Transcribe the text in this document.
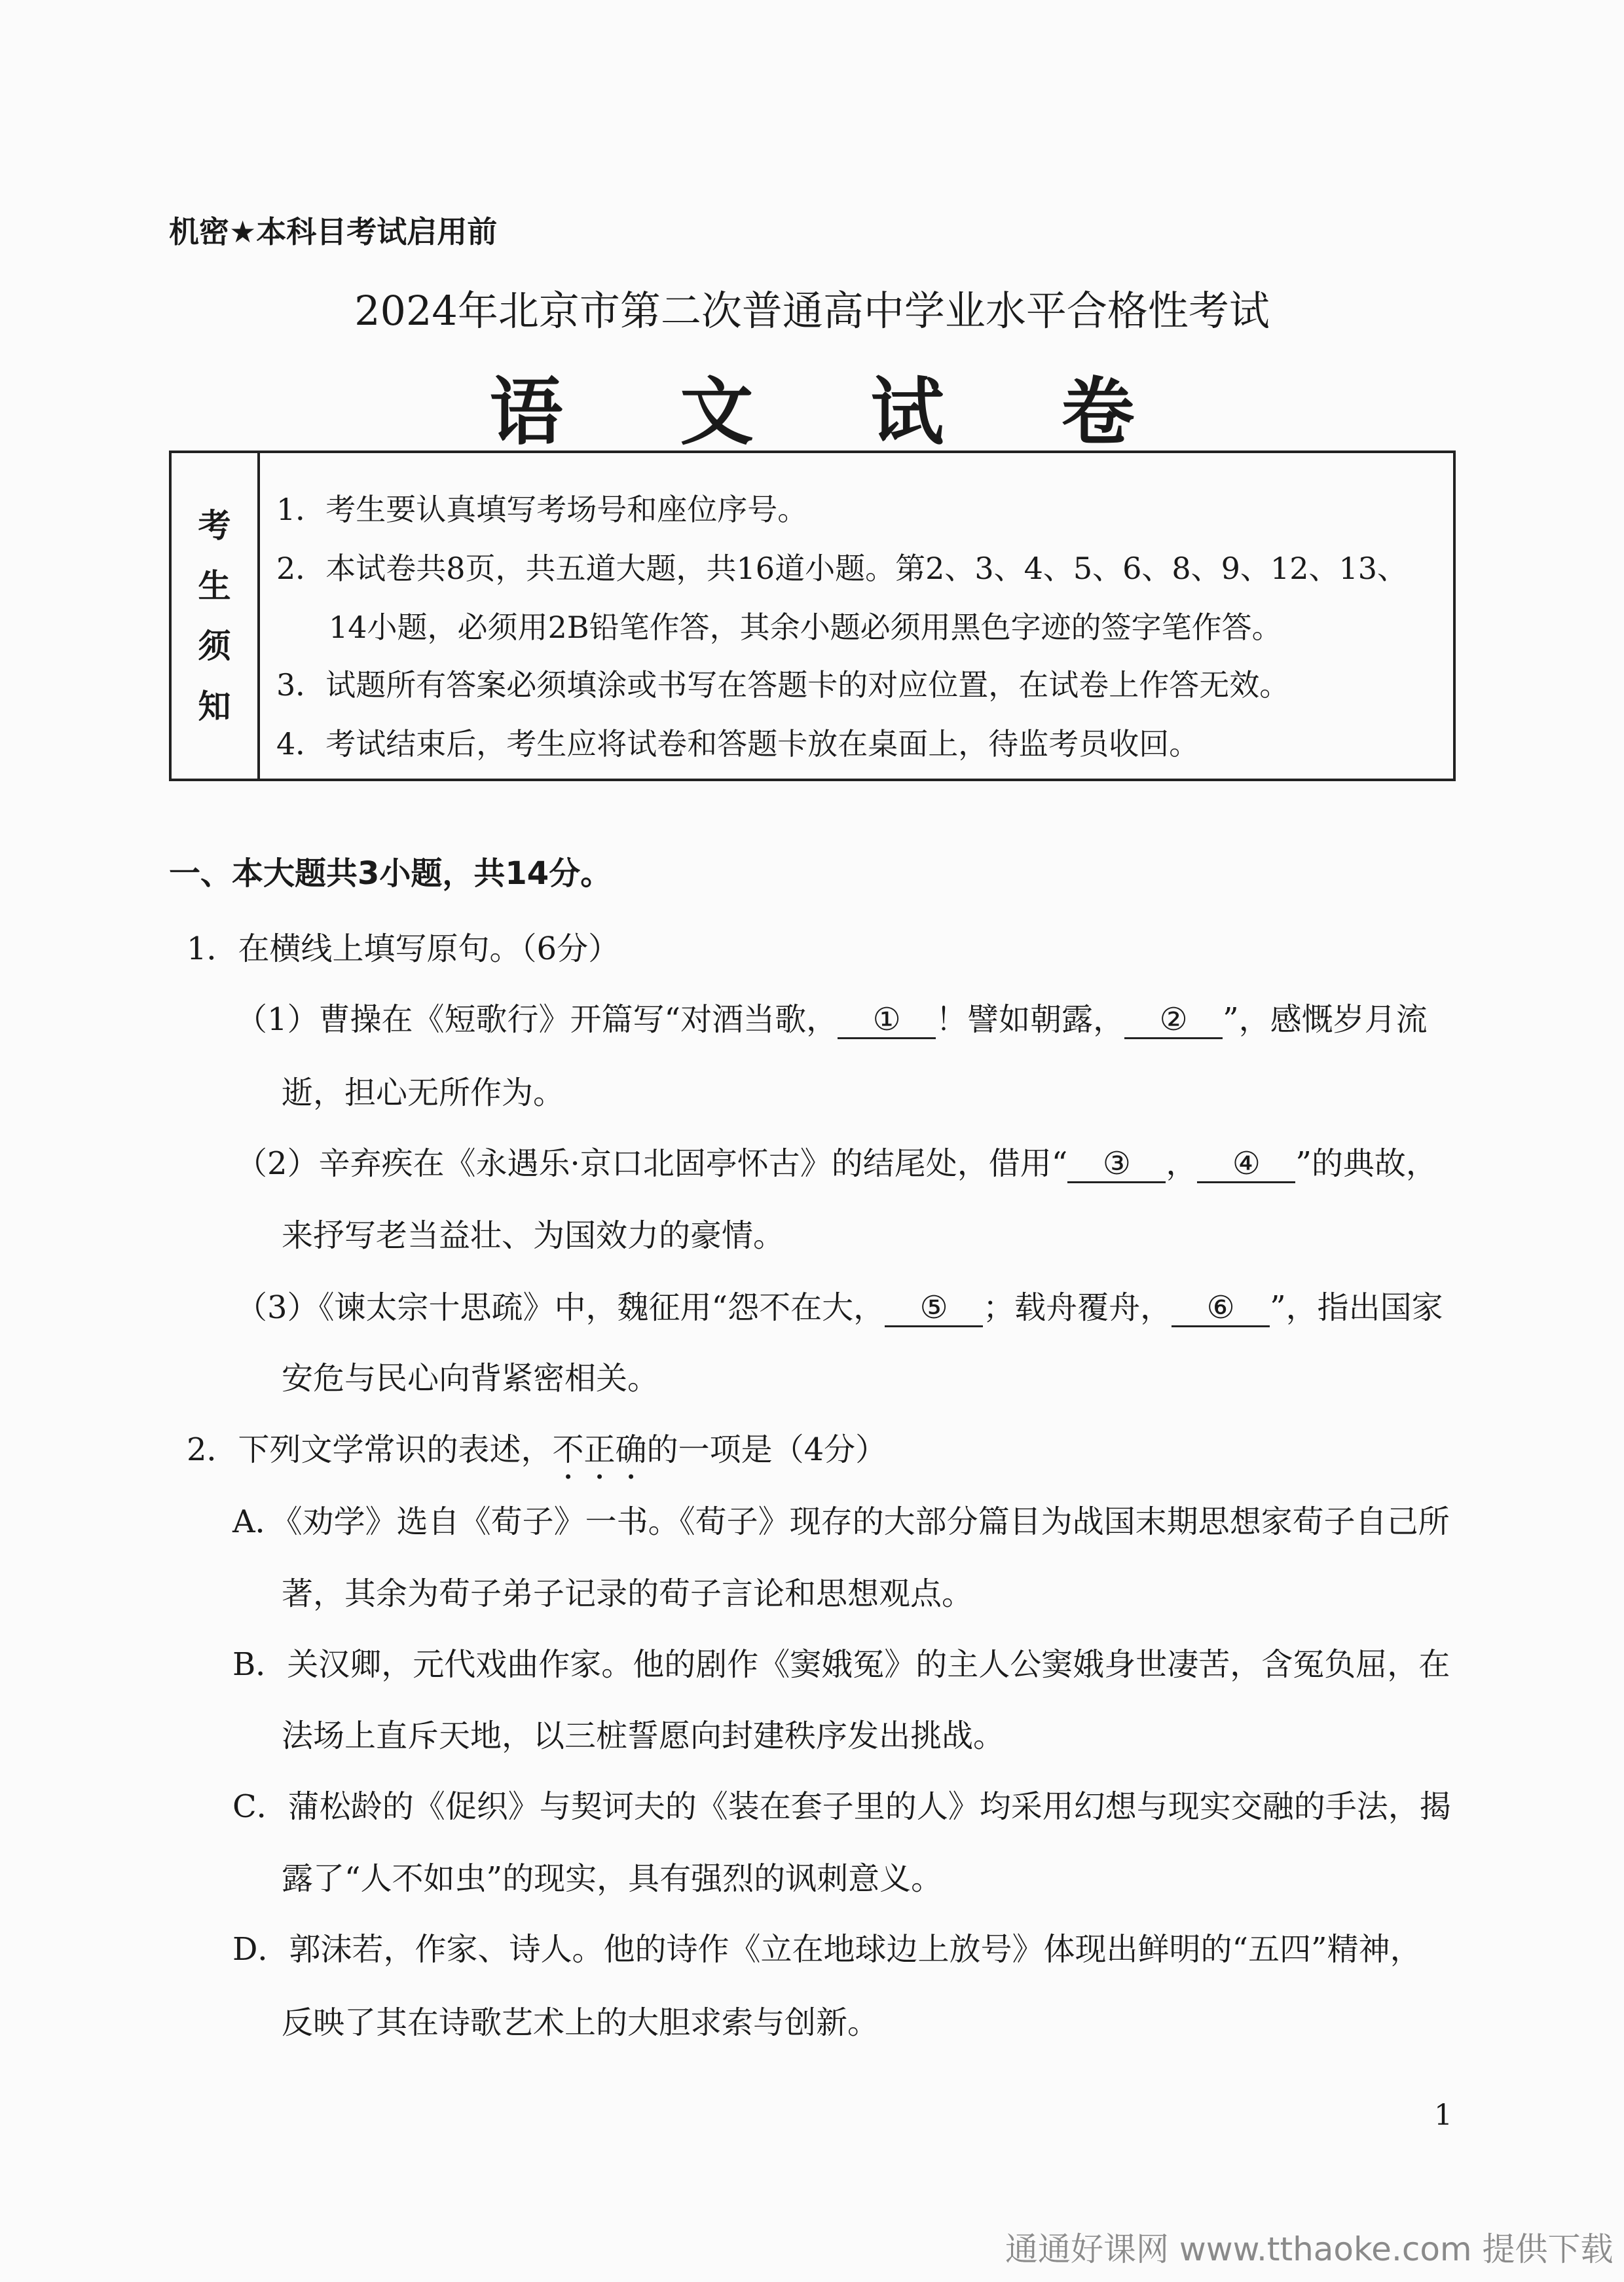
机密★本科目考试启用前
2024年北京市第二次普通高中学业水平合格性考试
语 文 试 卷
考
生
须
知
1．考生要认真填写考场号和座位序号。
2．本试卷共8页，共五道大题，共16道小题。第2、3、4、5、6、8、9、12、13、
14小题，必须用2B铅笔作答，其余小题必须用黑色字迹的签字笔作答。
3．试题所有答案必须填涂或书写在答题卡的对应位置，在试卷上作答无效。
4．考试结束后，考生应将试卷和答题卡放在桌面上，待监考员收回。
一、本大题共3小题，共14分。
1．在横线上填写原句。（6分）
（1）曹操在《短歌行》开篇写“对酒当歌， ① ！譬如朝露， ② ”，感慨岁月流
逝，担心无所作为。
（2）辛弃疾在《永遇乐·京口北固亭怀古》的结尾处，借用“ ③ ， ④ ”的典故，
来抒写老当益壮、为国效力的豪情。
（3）《谏太宗十思疏》中，魏征用“怨不在大， ⑤ ；载舟覆舟， ⑥ ”，指出国家
安危与民心向背紧密相关。
2．下列文学常识的表述，不正确的一项是（4分）
A．《劝学》选自《荀子》一书。《荀子》现存的大部分篇目为战国末期思想家荀子自己所
著，其余为荀子弟子记录的荀子言论和思想观点。
B．关汉卿，元代戏曲作家。他的剧作《窦娥冤》的主人公窦娥身世凄苦，含冤负屈，在
法场上直斥天地，以三桩誓愿向封建秩序发出挑战。
C．蒲松龄的《促织》与契诃夫的《装在套子里的人》均采用幻想与现实交融的手法，揭
露了“人不如虫”的现实，具有强烈的讽刺意义。
D．郭沫若，作家、诗人。他的诗作《立在地球边上放号》体现出鲜明的“五四”精神，
反映了其在诗歌艺术上的大胆求索与创新。
1
通通好课网 www.tthaoke.com 提供下载
